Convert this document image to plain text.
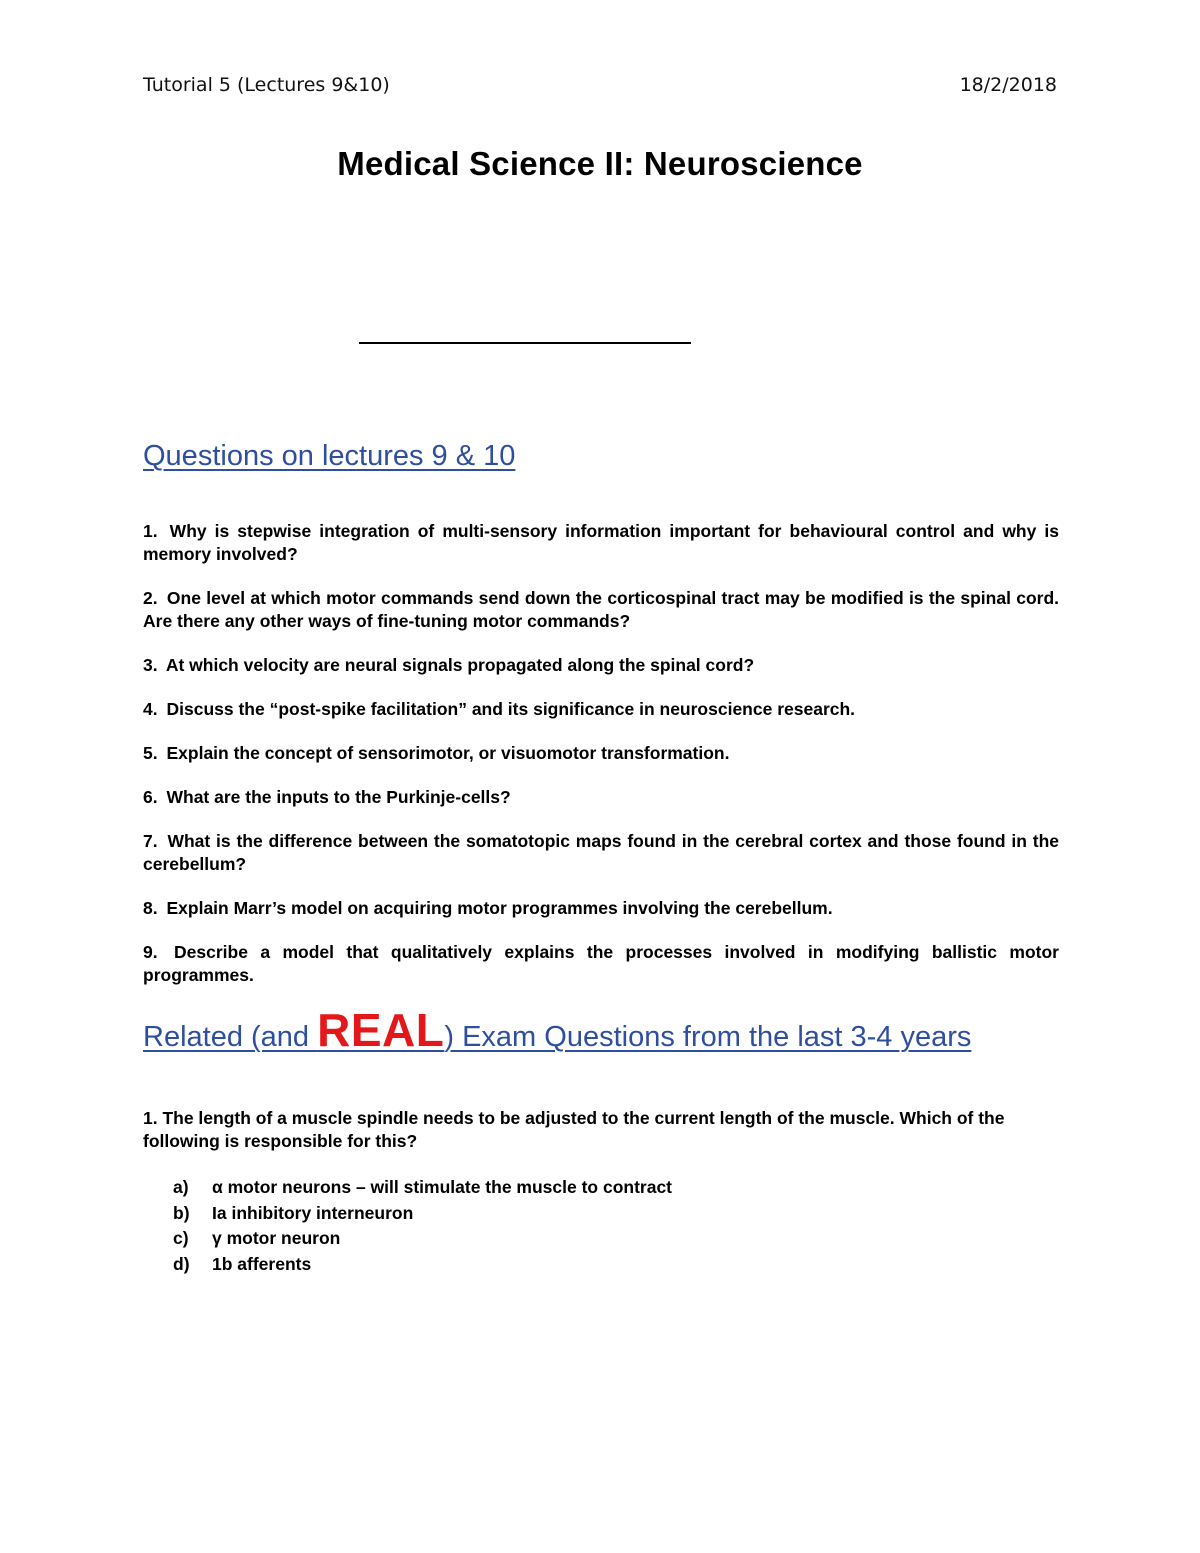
Tutorial 5 (Lectures 9&10)	18/2/2018
Medical Science II: Neuroscience
Questions on lectures 9 & 10
1. Why is stepwise integration of multi-sensory information important for behavioural control and why is memory involved?
2. One level at which motor commands send down the corticospinal tract may be modified is the spinal cord. Are there any other ways of fine-tuning motor commands?
3. At which velocity are neural signals propagated along the spinal cord?
4. Discuss the “post-spike facilitation” and its significance in neuroscience research.
5. Explain the concept of sensorimotor, or visuomotor transformation.
6. What are the inputs to the Purkinje-cells?
7. What is the difference between the somatotopic maps found in the cerebral cortex and those found in the cerebellum?
8. Explain Marr’s model on acquiring motor programmes involving the cerebellum.
9. Describe a model that qualitatively explains the processes involved in modifying ballistic motor programmes.
Related (and REAL) Exam Questions from the last 3-4 years
1. The length of a muscle spindle needs to be adjusted to the current length of the muscle. Which of the following is responsible for this?
a) α motor neurons – will stimulate the muscle to contract
b) Ia inhibitory interneuron
c) γ motor neuron
d) 1b afferents
